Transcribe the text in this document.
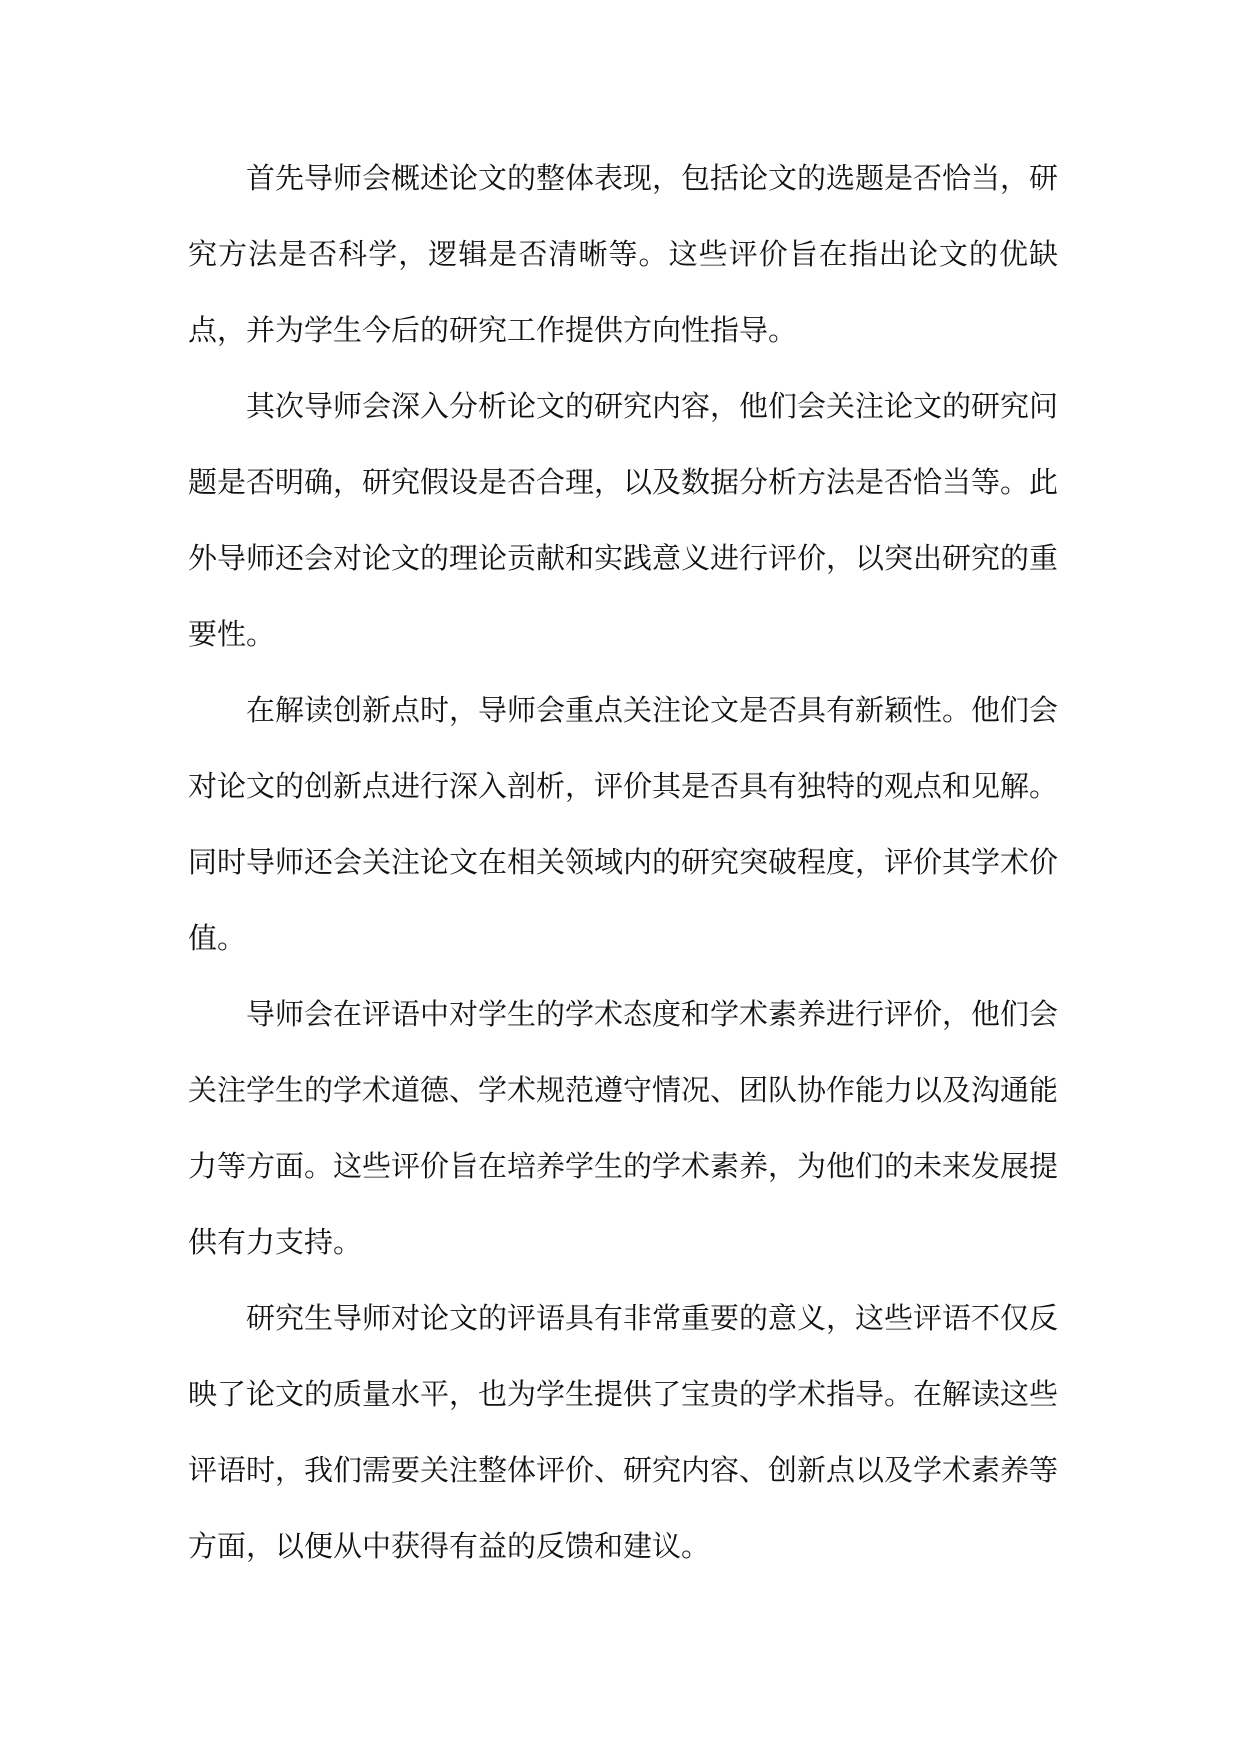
首先导师会概述论文的整体表现，包括论文的选题是否恰当，研究方法是否科学，逻辑是否清晰等。这些评价旨在指出论文的优缺点，并为学生今后的研究工作提供方向性指导。

其次导师会深入分析论文的研究内容，他们会关注论文的研究问题是否明确，研究假设是否合理，以及数据分析方法是否恰当等。此外导师还会对论文的理论贡献和实践意义进行评价，以突出研究的重要性。

在解读创新点时，导师会重点关注论文是否具有新颖性。他们会对论文的创新点进行深入剖析，评价其是否具有独特的观点和见解。同时导师还会关注论文在相关领域内的研究突破程度，评价其学术价值。

导师会在评语中对学生的学术态度和学术素养进行评价，他们会关注学生的学术道德、学术规范遵守情况、团队协作能力以及沟通能力等方面。这些评价旨在培养学生的学术素养，为他们的未来发展提供有力支持。

研究生导师对论文的评语具有非常重要的意义，这些评语不仅反映了论文的质量水平，也为学生提供了宝贵的学术指导。在解读这些评语时，我们需要关注整体评价、研究内容、创新点以及学术素养等方面，以便从中获得有益的反馈和建议。
